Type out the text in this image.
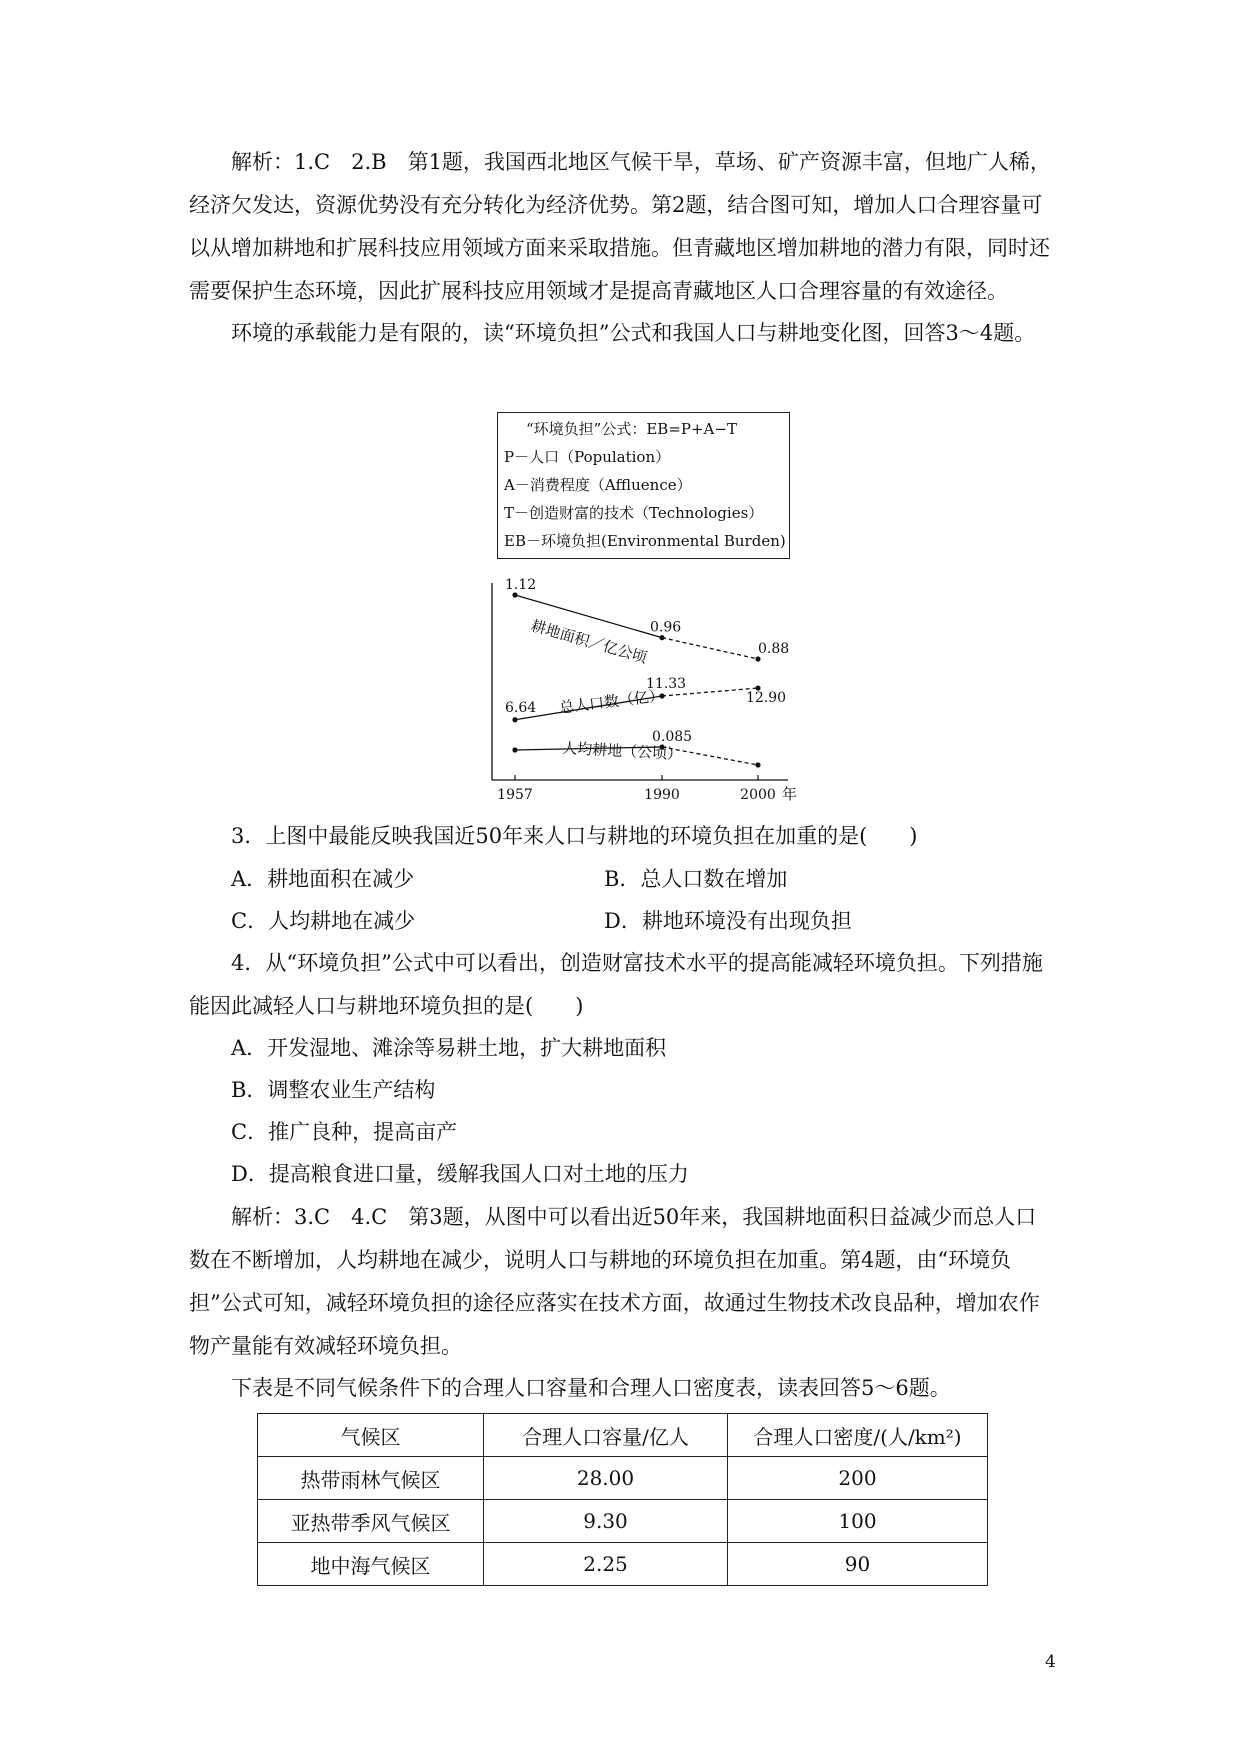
解析：1.C　2.B　第1题，我国西北地区气候干旱，草场、矿产资源丰富，但地广人稀，经济欠发达，资源优势没有充分转化为经济优势。第2题，结合图可知，增加人口合理容量可以从增加耕地和扩展科技应用领域方面来采取措施。但青藏地区增加耕地的潜力有限，同时还需要保护生态环境，因此扩展科技应用领域才是提高青藏地区人口合理容量的有效途径。

环境的承载能力是有限的，读“环境负担”公式和我国人口与耕地变化图，回答3～4题。

“环境负担”公式：EB=P+A−T
P－人口（Population）
A－消费程度（Affluence）
T－创造财富的技术（Technologies）
EB－环境负担(Environmental Burden)
1957	1990	2000 年
1.12
0.96
0.88
耕地面积／亿公顷
6.64
11.33
12.90
总人口数（亿）
0.085
人均耕地（公顷）

3．上图中最能反映我国近50年来人口与耕地的环境负担在加重的是(　　)

A．耕地面积在减少	B．总人口数在增加

C．人均耕地在减少	D．耕地环境没有出现负担

4．从“环境负担”公式中可以看出，创造财富技术水平的提高能减轻环境负担。下列措施能因此减轻人口与耕地环境负担的是(　　)

A．开发湿地、滩涂等易耕土地，扩大耕地面积

B．调整农业生产结构

C．推广良种，提高亩产

D．提高粮食进口量，缓解我国人口对土地的压力

解析：3.C　4.C　第3题，从图中可以看出近50年来，我国耕地面积日益减少而总人口数在不断增加，人均耕地在减少，说明人口与耕地的环境负担在加重。第4题，由“环境负担”公式可知，减轻环境负担的途径应落实在技术方面，故通过生物技术改良品种，增加农作物产量能有效减轻环境负担。

下表是不同气候条件下的合理人口容量和合理人口密度表，读表回答5～6题。

气候区	合理人口容量/亿人	合理人口密度/(人/km²)
热带雨林气候区	28.00	200
亚热带季风气候区	9.30	100
地中海气候区	2.25	90
4
